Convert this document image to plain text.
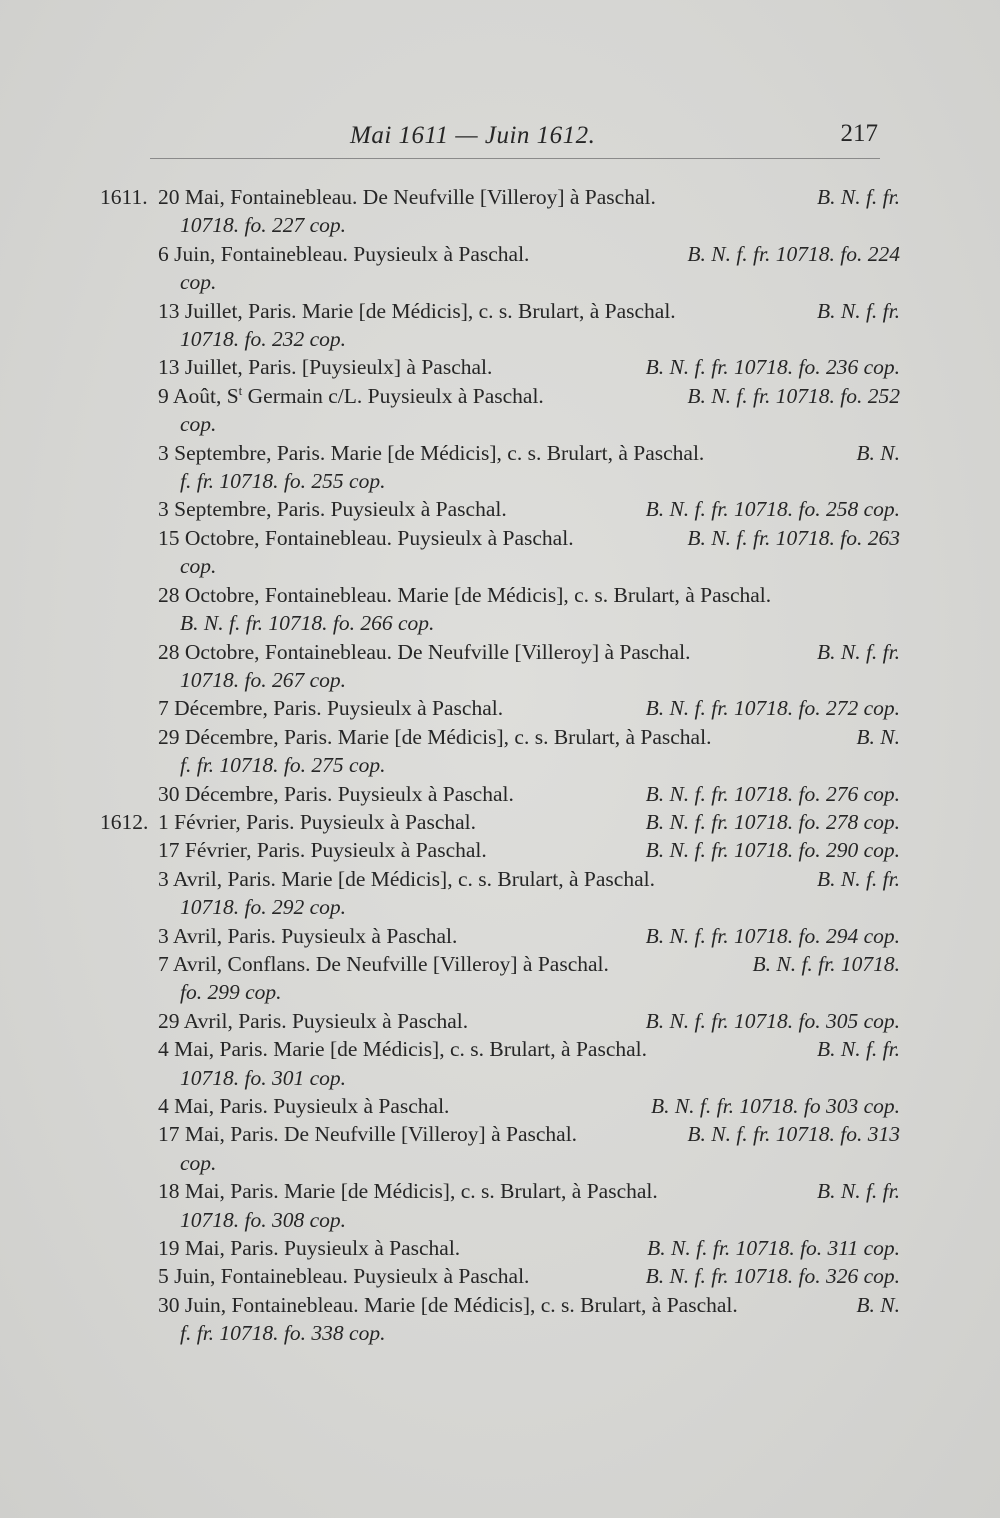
Mai 1611 — Juin 1612.	217
1611. 20 Mai, Fontainebleau. De Neufville [Villeroy] à Paschal.	B. N. f. fr.
10718. fo. 227 cop.
6 Juin, Fontainebleau. Puysieulx à Paschal.	B. N. f. fr. 10718. fo. 224
cop.
13 Juillet, Paris. Marie [de Médicis], c. s. Brulart, à Paschal.	B. N. f. fr.
10718. fo. 232 cop.
13 Juillet, Paris. [Puysieulx] à Paschal.	B. N. f. fr. 10718. fo. 236 cop.
9 Août, $S^t$ Germain c/L. Puysieulx à Paschal.	B. N. f. fr. 10718. fo. 252
cop.
3 Septembre, Paris. Marie [de Médicis], c. s. Brulart, à Paschal.	B. N.
f. fr. 10718. fo. 255 cop.
3 Septembre, Paris. Puysieulx à Paschal.	B. N. f. fr. 10718. fo. 258 cop.
15 Octobre, Fontainebleau. Puysieulx à Paschal.	B. N. f. fr. 10718. fo. 263
cop.
28 Octobre, Fontainebleau. Marie [de Médicis], c. s. Brulart, à Paschal.
B. N. f. fr. 10718. fo. 266 cop.
28 Octobre, Fontainebleau. De Neufville [Villeroy] à Paschal.	B. N. f. fr.
10718. fo. 267 cop.
7 Décembre, Paris. Puysieulx à Paschal.	B. N. f. fr. 10718. fo. 272 cop.
29 Décembre, Paris. Marie [de Médicis], c. s. Brulart, à Paschal.	B. N.
f. fr. 10718. fo. 275 cop.
30 Décembre, Paris. Puysieulx à Paschal.	B. N. f. fr. 10718. fo. 276 cop.
1612. 1 Février, Paris. Puysieulx à Paschal.	B. N. f. fr. 10718. fo. 278 cop.
17 Février, Paris. Puysieulx à Paschal.	B. N. f. fr. 10718. fo. 290 cop.
3 Avril, Paris. Marie [de Médicis], c. s. Brulart, à Paschal.	B. N. f. fr.
10718. fo. 292 cop.
3 Avril, Paris. Puysieulx à Paschal.	B. N. f. fr. 10718. fo. 294 cop.
7 Avril, Conflans. De Neufville [Villeroy] à Paschal.	B. N. f. fr. 10718.
fo. 299 cop.
29 Avril, Paris. Puysieulx à Paschal.	B. N. f. fr. 10718. fo. 305 cop.
4 Mai, Paris. Marie [de Médicis], c. s. Brulart, à Paschal.	B. N. f. fr.
10718. fo. 301 cop.
4 Mai, Paris. Puysieulx à Paschal.	B. N. f. fr. 10718. fo 303 cop.
17 Mai, Paris. De Neufville [Villeroy] à Paschal.	B. N. f. fr. 10718. fo. 313
cop.
18 Mai, Paris. Marie [de Médicis], c. s. Brulart, à Paschal.	B. N. f. fr.
10718. fo. 308 cop.
19 Mai, Paris. Puysieulx à Paschal.	B. N. f. fr. 10718. fo. 311 cop.
5 Juin, Fontainebleau. Puysieulx à Paschal.	B. N. f. fr. 10718. fo. 326 cop.
30 Juin, Fontainebleau. Marie [de Médicis], c. s. Brulart, à Paschal.	B. N.
f. fr. 10718. fo. 338 cop.
